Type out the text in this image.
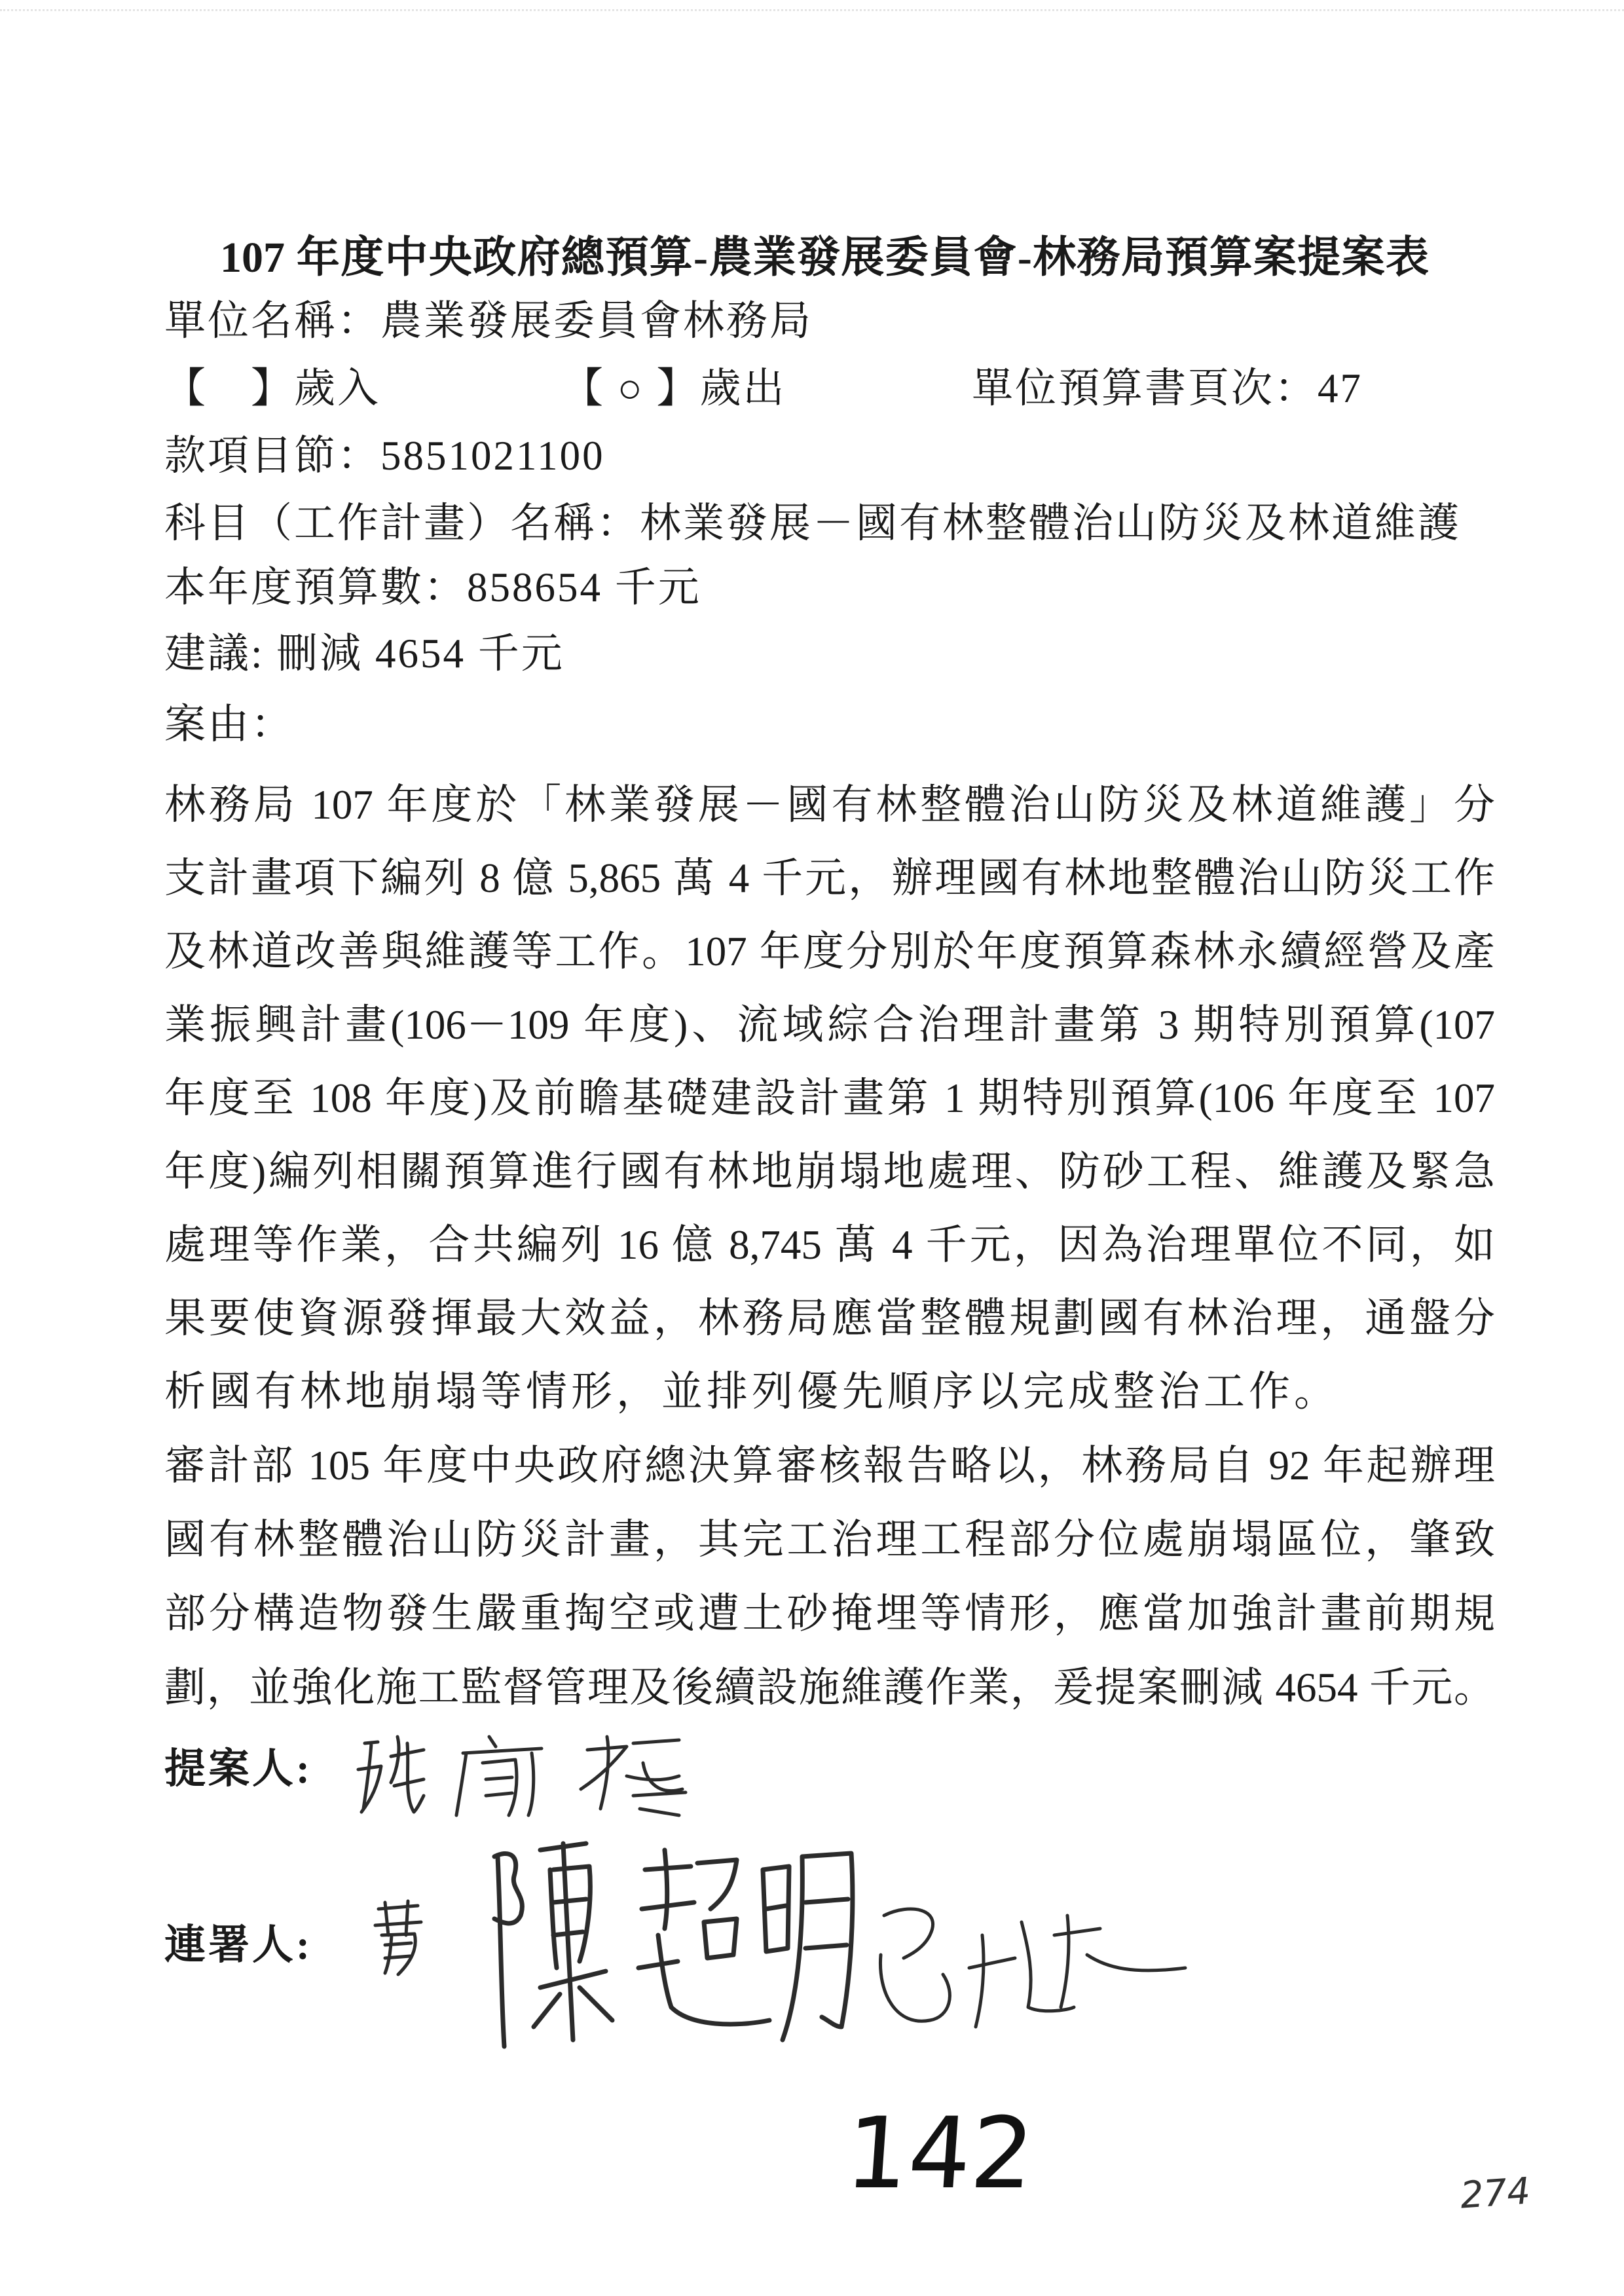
107 年度中央政府總預算-農業發展委員會-林務局預算案提案表
單位名稱：農業發展委員會林務局
【　】歲入	【 ○ 】歲出	單位預算書頁次：47
款項目節：5851021100
科目（工作計畫）名稱：林業發展－國有林整體治山防災及林道維護
本年度預算數：858654 千元
建議: 刪減 4654 千元
案由：
林務局 107 年度於「林業發展－國有林整體治山防災及林道維護」分
支計畫項下編列 8 億 5,865 萬 4 千元，辦理國有林地整體治山防災工作
及林道改善與維護等工作。107 年度分別於年度預算森林永續經營及產
業振興計畫(106－109 年度)、流域綜合治理計畫第 3 期特別預算(107
年度至 108 年度)及前瞻基礎建設計畫第 1 期特別預算(106 年度至 107
年度)編列相關預算進行國有林地崩塌地處理、防砂工程、維護及緊急
處理等作業，合共編列 16 億 8,745 萬 4 千元，因為治理單位不同，如
果要使資源發揮最大效益，林務局應當整體規劃國有林治理，通盤分
析國有林地崩塌等情形，並排列優先順序以完成整治工作。
審計部 105 年度中央政府總決算審核報告略以，林務局自 92 年起辦理
國有林整體治山防災計畫，其完工治理工程部分位處崩塌區位，肇致
部分構造物發生嚴重掏空或遭土砂掩埋等情形，應當加強計畫前期規
劃，並強化施工監督管理及後續設施維護作業，爰提案刪減 4654 千元。
提案人:
連署人:
142	274
